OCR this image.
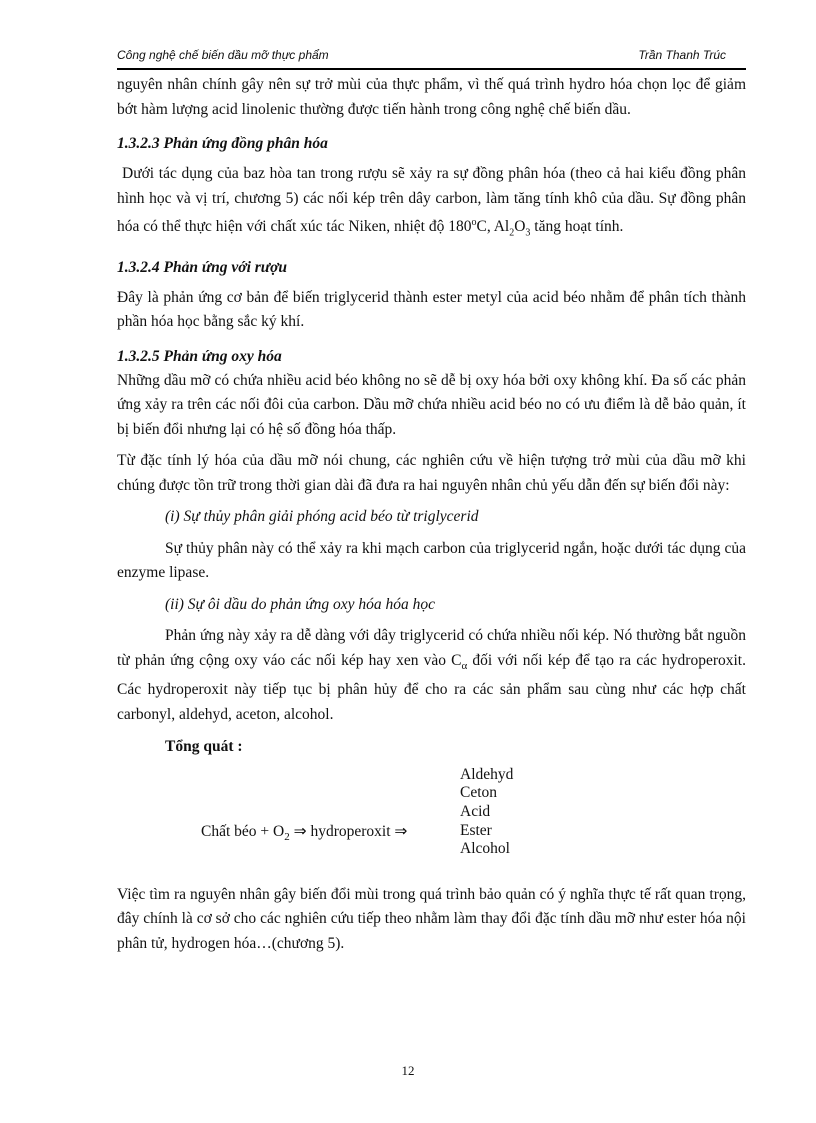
Công nghệ chế biến dầu mỡ thực phẩm	Trần Thanh Trúc

nguyên nhân chính gây nên sự trở mùi của thực phẩm, vì thế quá trình hydro hóa chọn lọc để giảm bớt hàm lượng acid linolenic thường được tiến hành trong công nghệ chế biến dầu.

1.3.2.3 Phản ứng đồng phân hóa

Dưới tác dụng của baz hòa tan trong rượu sẽ xảy ra sự đồng phân hóa (theo cả hai kiểu đồng phân hình học và vị trí, chương 5) các nối kép trên dây carbon, làm tăng tính khô của dầu. Sự đồng phân hóa có thể thực hiện với chất xúc tác Niken, nhiệt độ 180$^o$C, $Al_2O_3$ tăng hoạt tính.

1.3.2.4 Phản ứng với rượu

Đây là phản ứng cơ bản để biến triglycerid thành ester metyl của acid béo nhằm để phân tích thành phần hóa học bằng sắc ký khí.

1.3.2.5 Phản ứng oxy hóa

Những dầu mỡ có chứa nhiều acid béo không no sẽ dễ bị oxy hóa bởi oxy không khí. Đa số các phản ứng xảy ra trên các nối đôi của carbon. Dầu mỡ chứa nhiều acid béo no có ưu điểm là dễ bảo quản, ít bị biến đổi nhưng lại có hệ số đồng hóa thấp.

Từ đặc tính lý hóa của dầu mỡ nói chung, các nghiên cứu về hiện tượng trở mùi của dầu mỡ khi chúng được tồn trữ trong thời gian dài đã đưa ra hai nguyên nhân chủ yếu dẫn đến sự biến đổi này:

(i) Sự thủy phân giải phóng acid béo từ triglycerid

Sự thủy phân này có thể xảy ra khi mạch carbon của triglycerid ngắn, hoặc dưới tác dụng của enzyme lipase.

(ii) Sự ôi dầu do phản ứng oxy hóa hóa học

Phản ứng này xảy ra dễ dàng với dây triglycerid có chứa nhiều nối kép. Nó thường bắt nguồn từ phản ứng cộng oxy váo các nối kép hay xen vào $C_\alpha$ đối với nối kép để tạo ra các hydroperoxit. Các hydroperoxit này tiếp tục bị phân hủy để cho ra các sản phẩm sau cùng như các hợp chất carbonyl, aldehyd, aceton, alcohol.

Tổng quát :

Chất béo + $O_2$ ⇒ hydroperoxit ⇒
Aldehyd
Ceton
Acid
Ester
Alcohol

Việc tìm ra nguyên nhân gây biến đổi mùi trong quá trình bảo quản có ý nghĩa thực tế rất quan trọng, đây chính là cơ sở cho các nghiên cứu tiếp theo nhằm làm thay đổi đặc tính dầu mỡ như ester hóa nội phân tử, hydrogen hóa…(chương 5).

12
